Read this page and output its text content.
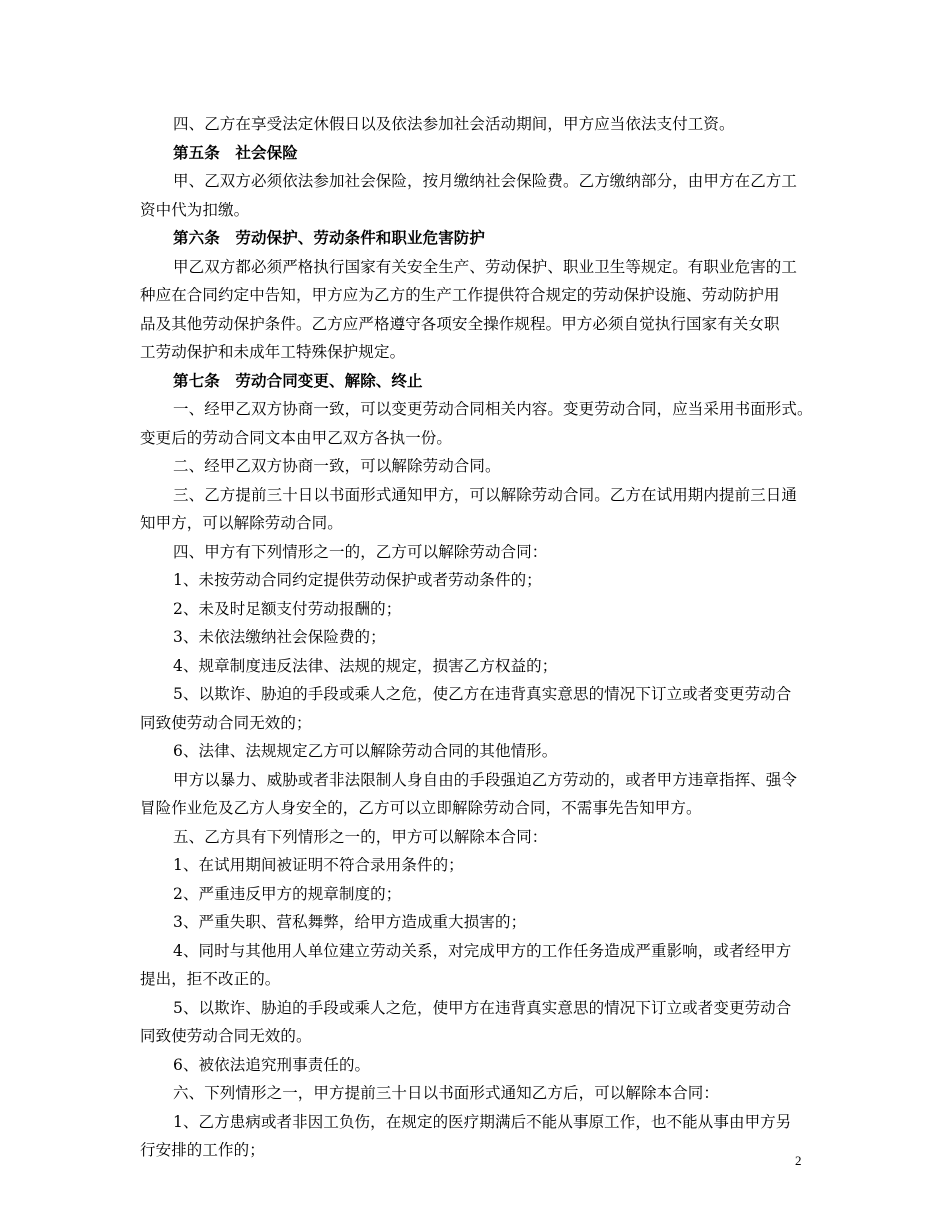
四、乙方在享受法定休假日以及依法参加社会活动期间，甲方应当依法支付工资。
第五条　社会保险
甲、乙双方必须依法参加社会保险，按月缴纳社会保险费。乙方缴纳部分，由甲方在乙方工
资中代为扣缴。
第六条　劳动保护、劳动条件和职业危害防护
甲乙双方都必须严格执行国家有关安全生产、劳动保护、职业卫生等规定。有职业危害的工
种应在合同约定中告知，甲方应为乙方的生产工作提供符合规定的劳动保护设施、劳动防护用
品及其他劳动保护条件。乙方应严格遵守各项安全操作规程。甲方必须自觉执行国家有关女职
工劳动保护和未成年工特殊保护规定。
第七条　劳动合同变更、解除、终止
一、经甲乙双方协商一致，可以变更劳动合同相关内容。变更劳动合同，应当采用书面形式。
变更后的劳动合同文本由甲乙双方各执一份。
二、经甲乙双方协商一致，可以解除劳动合同。
三、乙方提前三十日以书面形式通知甲方，可以解除劳动合同。乙方在试用期内提前三日通
知甲方，可以解除劳动合同。
四、甲方有下列情形之一的，乙方可以解除劳动合同：
1、未按劳动合同约定提供劳动保护或者劳动条件的；
2、未及时足额支付劳动报酬的；
3、未依法缴纳社会保险费的；
4、规章制度违反法律、法规的规定，损害乙方权益的；
5、以欺诈、胁迫的手段或乘人之危，使乙方在违背真实意思的情况下订立或者变更劳动合
同致使劳动合同无效的；
6、法律、法规规定乙方可以解除劳动合同的其他情形。
甲方以暴力、威胁或者非法限制人身自由的手段强迫乙方劳动的，或者甲方违章指挥、强令
冒险作业危及乙方人身安全的，乙方可以立即解除劳动合同，不需事先告知甲方。
五、乙方具有下列情形之一的，甲方可以解除本合同：
1、在试用期间被证明不符合录用条件的；
2、严重违反甲方的规章制度的；
3、严重失职、营私舞弊，给甲方造成重大损害的；
4、同时与其他用人单位建立劳动关系，对完成甲方的工作任务造成严重影响，或者经甲方
提出，拒不改正的。
5、以欺诈、胁迫的手段或乘人之危，使甲方在违背真实意思的情况下订立或者变更劳动合
同致使劳动合同无效的。
6、被依法追究刑事责任的。
六、下列情形之一，甲方提前三十日以书面形式通知乙方后，可以解除本合同：
1、乙方患病或者非因工负伤，在规定的医疗期满后不能从事原工作，也不能从事由甲方另
行安排的工作的；
2
